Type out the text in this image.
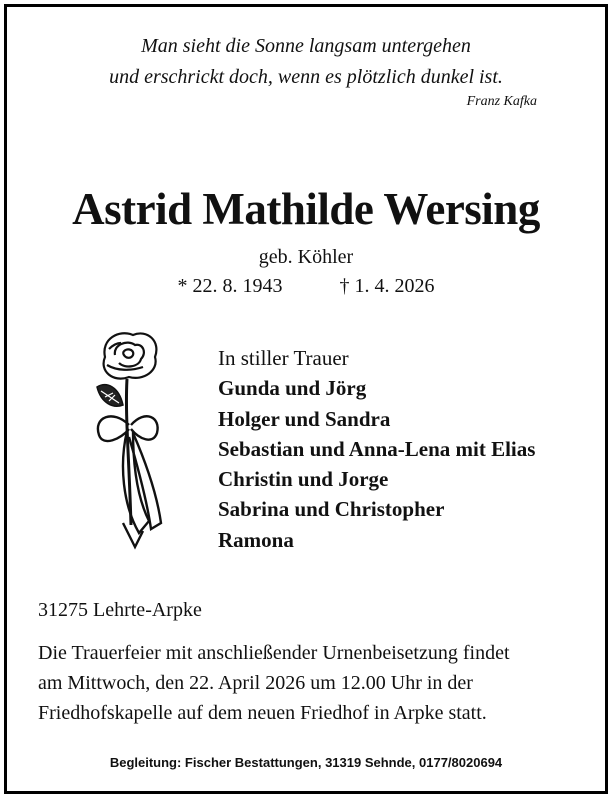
Man sieht die Sonne langsam untergehen
und erschrickt doch, wenn es plötzlich dunkel ist.
Franz Kafka
Astrid Mathilde Wersing
geb. Köhler
* 22. 8. 1943	† 1. 4. 2026
In stiller Trauer
Gunda und Jörg
Holger und Sandra
Sebastian und Anna-Lena mit Elias
Christin und Jorge
Sabrina und Christopher
Ramona
31275 Lehrte-Arpke
Die Trauerfeier mit anschließender Urnenbeisetzung findet
am Mittwoch, den 22. April 2026 um 12.00 Uhr in der
Friedhofskapelle auf dem neuen Friedhof in Arpke statt.
Begleitung: Fischer Bestattungen, 31319 Sehnde, 0177/8020694
